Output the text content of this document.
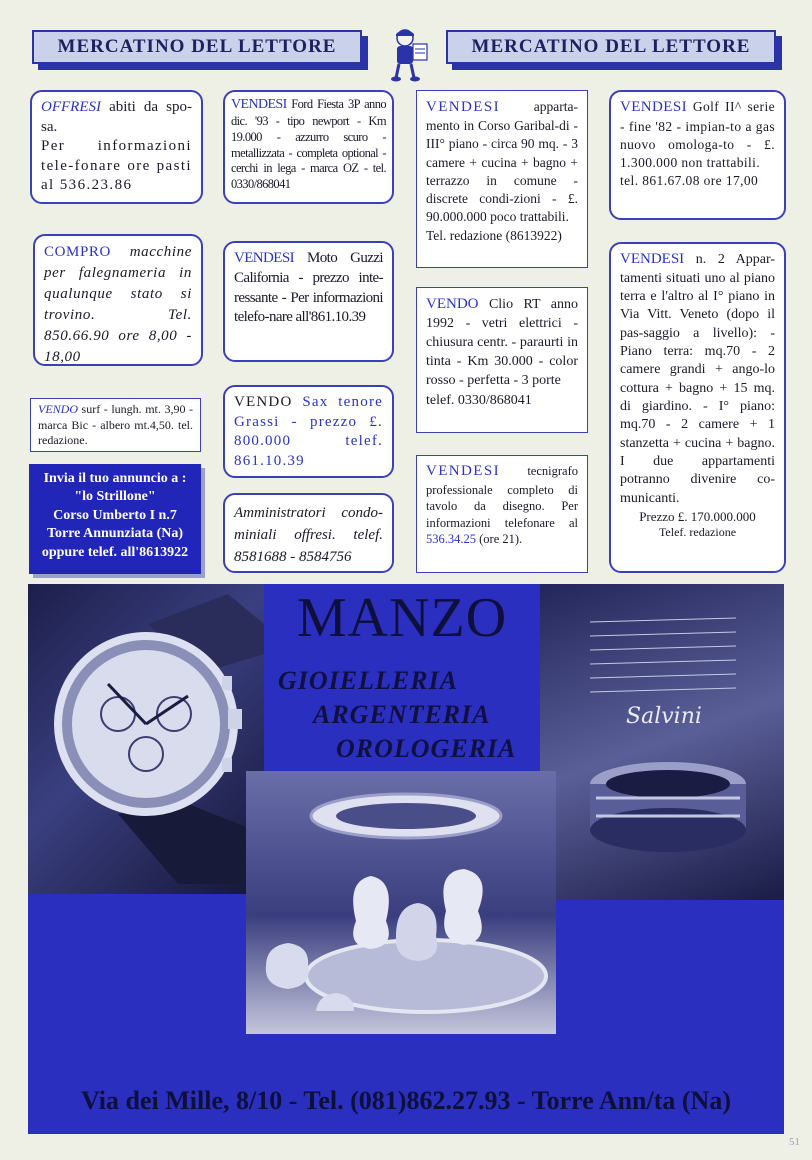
MERCATINO DEL LETTORE	MERCATINO DEL LETTORE
OFFRESI abiti da spo-sa.
Per informazioni tele-fonare ore pasti al 536.23.86
COMPRO macchine per falegnameria in qualunque stato si trovino. Tel. 850.66.90 ore 8,00 - 18,00
VENDO surf - lungh. mt. 3,90 - marca Bic - albero mt.4,50. tel. redazione.
Invia il tuo annuncio a :
"lo Strillone"
Corso Umberto I n.7
Torre Annunziata (Na)
oppure telef. all'8613922
VENDESI Ford Fiesta 3P anno dic. '93 - tipo newport - Km 19.000 - azzurro scuro - metallizzata - completa optional - cerchi in lega - marca OZ - tel. 0330/868041
VENDESI Moto Guzzi California - prezzo inte-ressante - Per informazioni telefo-nare all'861.10.39
VENDO Sax tenore Grassi - prezzo £. 800.000 telef. 861.10.39
Amministratori condo-miniali offresi. telef. 8581688 - 8584756
VENDESI apparta-mento in Corso Garibal-di - III° piano - circa 90 mq. - 3 camere + cucina + bagno + terrazzo in comune - discrete condi-zioni - £. 90.000.000 poco trattabili.
Tel. redazione (8613922)
VENDO Clio RT anno 1992 - vetri elettrici - chiusura centr. - paraurti in tinta - Km 30.000 - color rosso - perfetta - 3 porte
telef. 0330/868041
VENDESI tecnigrafo professionale completo di tavolo da disegno. Per informazioni telefonare al 536.34.25 (ore 21).
VENDESI Golf II^ serie - fine '82 - impian-to a gas nuovo omologa-to - £. 1.300.000 non trattabili.
tel. 861.67.08 ore 17,00
VENDESI n. 2 Appar-tamenti situati uno al piano terra e l'altro al I° piano in Via Vitt. Veneto (dopo il pas-saggio a livello): - Piano terra: mq.70 - 2 camere grandi + ango-lo cottura + bagno + 15 mq. di giardino. - I° piano: mq.70 - 2 camere + 1 stanzetta + cucina + bagno. I due appartamenti potranno divenire co-municanti.
Prezzo £. 170.000.000
Telef. redazione
MANZO
GIOIELLERIA
ARGENTERIA
OROLOGERIA
Salvini
Via dei Mille, 8/10 - Tel. (081)862.27.93 - Torre Ann/ta (Na)
51
